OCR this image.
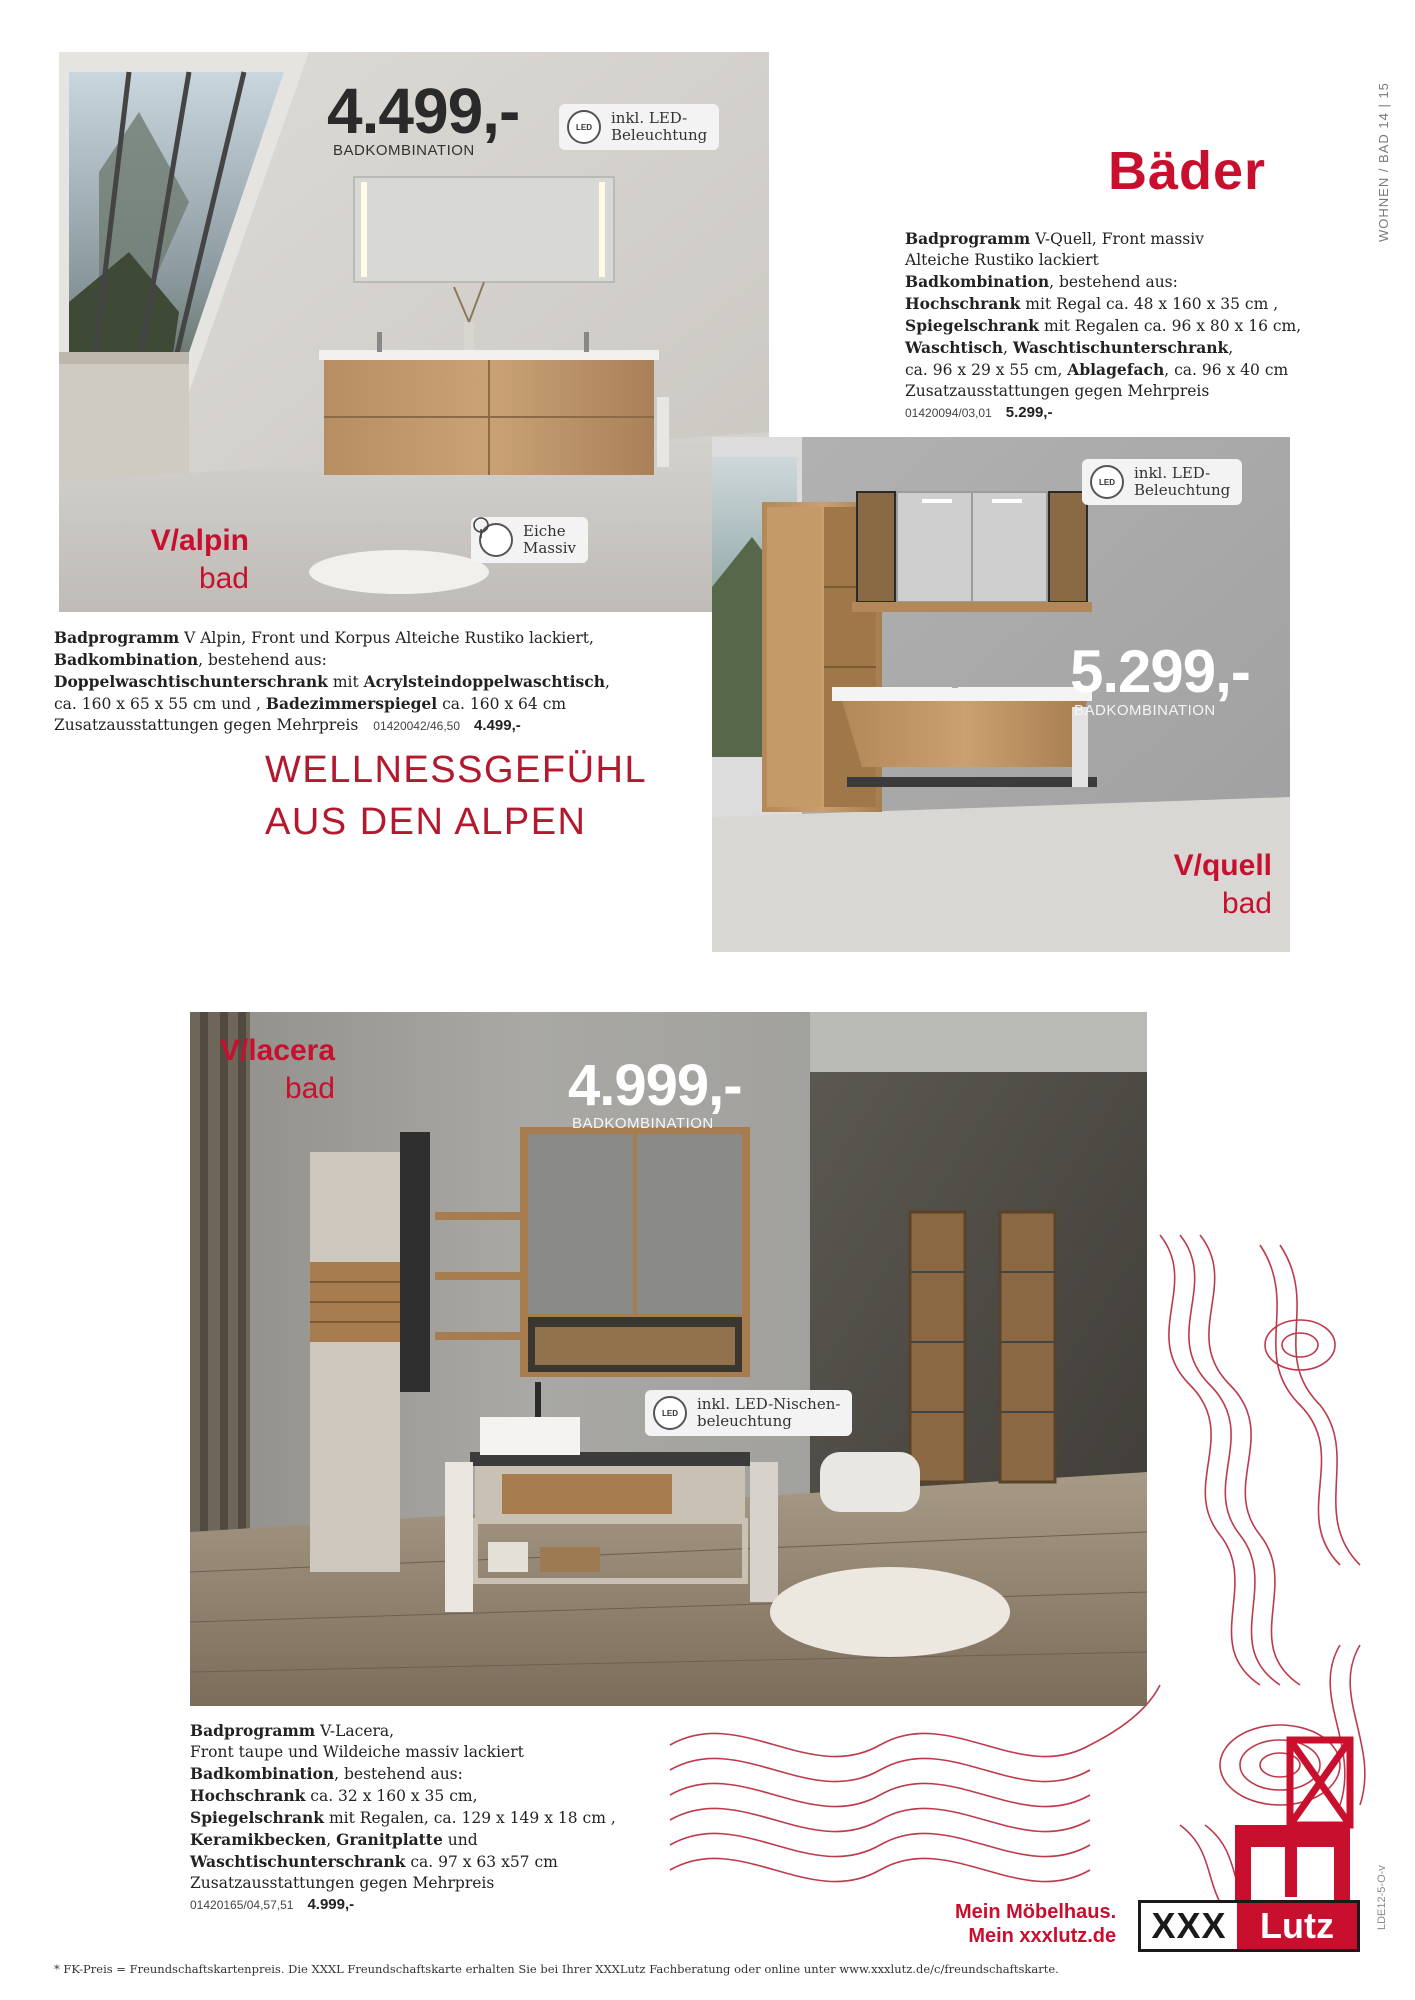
WOHNEN / BAD 14 | 15
LDE12-5-O-v
Bäder
4.499,-
BADKOMBINATION
LED	inkl. LED-
Beleuchtung
Eiche
Massiv
V/alpin
bad
Badprogramm V Alpin, Front und Korpus Alteiche Rustiko lackiert,
Badkombination, bestehend aus:
Doppelwaschtischunterschrank mit Acrylsteindoppelwaschtisch,
ca. 160 x 65 x 55 cm und , Badezimmerspiegel ca. 160 x 64 cm
Zusatzausstattungen gegen Mehrpreis 01420042/46,50 4.499,-
WELLNESSGEFÜHL
AUS DEN ALPEN
Badprogramm V-Quell, Front massiv
Alteiche Rustiko lackiert
Badkombination, bestehend aus:
Hochschrank mit Regal ca. 48 x 160 x 35 cm ,
Spiegelschrank mit Regalen ca. 96 x 80 x 16 cm,
Waschtisch, Waschtischunterschrank,
ca. 96 x 29 x 55 cm, Ablagefach, ca. 96 x 40 cm
Zusatzausstattungen gegen Mehrpreis
01420094/03,01 5.299,-
LED	inkl. LED-
Beleuchtung
5.299,-
BADKOMBINATION
V/quell
bad
V/lacera
bad	4.999,-
BADKOMBINATION
LED	inkl. LED-Nischen-
beleuchtung
Badprogramm V-Lacera,
Front taupe und Wildeiche massiv lackiert
Badkombination, bestehend aus:
Hochschrank ca. 32 x 160 x 35 cm,
Spiegelschrank mit Regalen, ca. 129 x 149 x 18 cm ,
Keramikbecken, Granitplatte und
Waschtischunterschrank ca. 97 x 63 x57 cm
Zusatzausstattungen gegen Mehrpreis
01420165/04,57,51 4.999,-	Mein Möbelhaus.
Mein xxxlutz.de XXX Lutz
* FK-Preis = Freundschaftskartenpreis. Die XXXL Freundschaftskarte erhalten Sie bei Ihrer XXXLutz Fachberatung oder online unter www.xxxlutz.de/c/freundschaftskarte.
